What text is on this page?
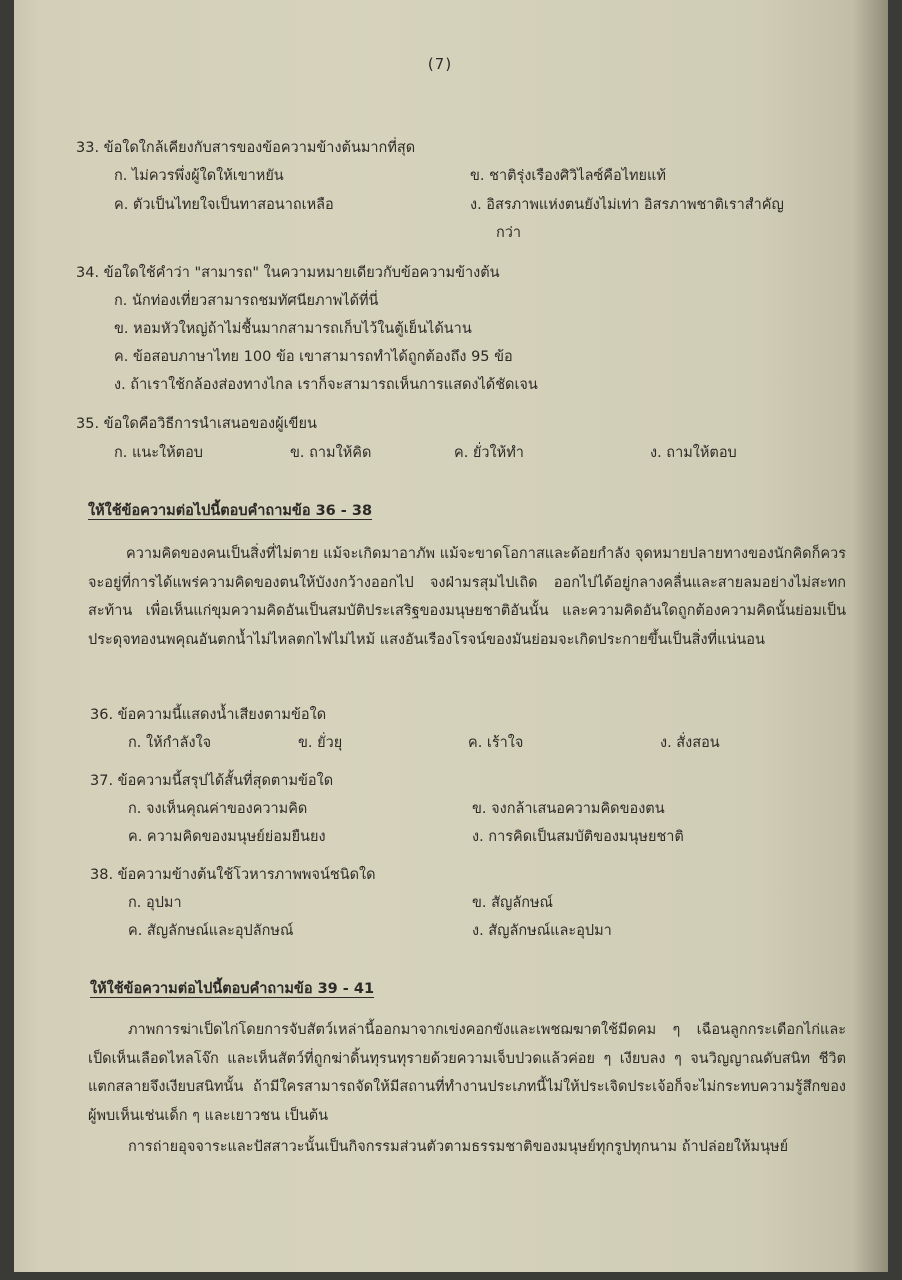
(7)
33. ข้อใดใกล้เคียงกับสารของข้อความข้างต้นมากที่สุด
ก. ไม่ควรพึ่งผู้ใดให้เขาหยัน	ข. ชาติรุ่งเรืองศิวิไลซ์คือไทยแท้
ค. ตัวเป็นไทยใจเป็นทาสอนาถเหลือ	ง. อิสรภาพแห่งตนยังไม่เท่า อิสรภาพชาติเราสำคัญ
กว่า
34. ข้อใดใช้คำว่า "สามารถ" ในความหมายเดียวกับข้อความข้างต้น
ก. นักท่องเที่ยวสามารถชมทัศนียภาพได้ที่นี่
ข. หอมหัวใหญ่ถ้าไม่ชื้นมากสามารถเก็บไว้ในตู้เย็นได้นาน
ค. ข้อสอบภาษาไทย 100 ข้อ เขาสามารถทำได้ถูกต้องถึง 95 ข้อ
ง. ถ้าเราใช้กล้องส่องทางไกล เราก็จะสามารถเห็นการแสดงได้ชัดเจน
35. ข้อใดคือวิธีการนำเสนอของผู้เขียน
ก. แนะให้ตอบ	ข. ถามให้คิด	ค. ยั่วให้ทำ	ง. ถามให้ตอบ
ให้ใช้ข้อความต่อไปนี้ตอบคำถามข้อ 36 - 38
ความคิดของคนเป็นสิ่งที่ไม่ตาย แม้จะเกิดมาอาภัพ แม้จะขาดโอกาสและด้อยกำลัง จุดหมายปลายทางของนักคิดก็ควรจะอยู่ที่การได้แพร่ความคิดของตนให้บังงกว้างออกไป จงฝ่ามรสุมไปเถิด ออกไปได้อยู่กลางคลื่นและสายลมอย่างไม่สะทกสะท้าน เพื่อเห็นแก่ขุมความคิดอันเป็นสมบัติประเสริฐของมนุษยชาติอันนั้น และความคิดอันใดถูกต้องความคิดนั้นย่อมเป็นประดุจทองนพคุณอันตกน้ำไม่ไหลตกไฟไม่ไหม้ แสงอันเรืองโรจน์ของมันย่อมจะเกิดประกายขึ้นเป็นสิ่งที่แน่นอน
36. ข้อความนี้แสดงน้ำเสียงตามข้อใด
ก. ให้กำลังใจ	ข. ยั่วยุ	ค. เร้าใจ	ง. สั่งสอน
37. ข้อความนี้สรุปได้สั้นที่สุดตามข้อใด
ก. จงเห็นคุณค่าของความคิด	ข. จงกล้าเสนอความคิดของตน
ค. ความคิดของมนุษย์ย่อมยืนยง	ง. การคิดเป็นสมบัติของมนุษยชาติ
38. ข้อความข้างต้นใช้โวหารภาพพจน์ชนิดใด
ก. อุปมา	ข. สัญลักษณ์
ค. สัญลักษณ์และอุปลักษณ์	ง. สัญลักษณ์และอุปมา
ให้ใช้ข้อความต่อไปนี้ตอบคำถามข้อ 39 - 41
ภาพการฆ่าเป็ดไก่โดยการจับสัตว์เหล่านี้ออกมาจากเข่งคอกขังและเพชฌฆาตใช้มีดคม ๆ เฉือนลูกกระเดือกไก่และเป็ดเห็นเลือดไหลโจ๊ก และเห็นสัตว์ที่ถูกฆ่าดิ้นทุรนทุรายด้วยความเจ็บปวดแล้วค่อย ๆ เงียบลง ๆ จนวิญญาณดับสนิท ชีวิตแตกสลายจึงเงียบสนิทนั้น ถ้ามีใครสามารถจัดให้มีสถานที่ทำงานประเภทนี้ไม่ให้ประเจิดประเจ้อก็จะไม่กระทบความรู้สึกของผู้พบเห็นเช่นเด็ก ๆ และเยาวชน เป็นต้น
การถ่ายอุจจาระและปัสสาวะนั้นเป็นกิจกรรมส่วนตัวตามธรรมชาติของมนุษย์ทุกรูปทุกนาม ถ้าปล่อยให้มนุษย์
